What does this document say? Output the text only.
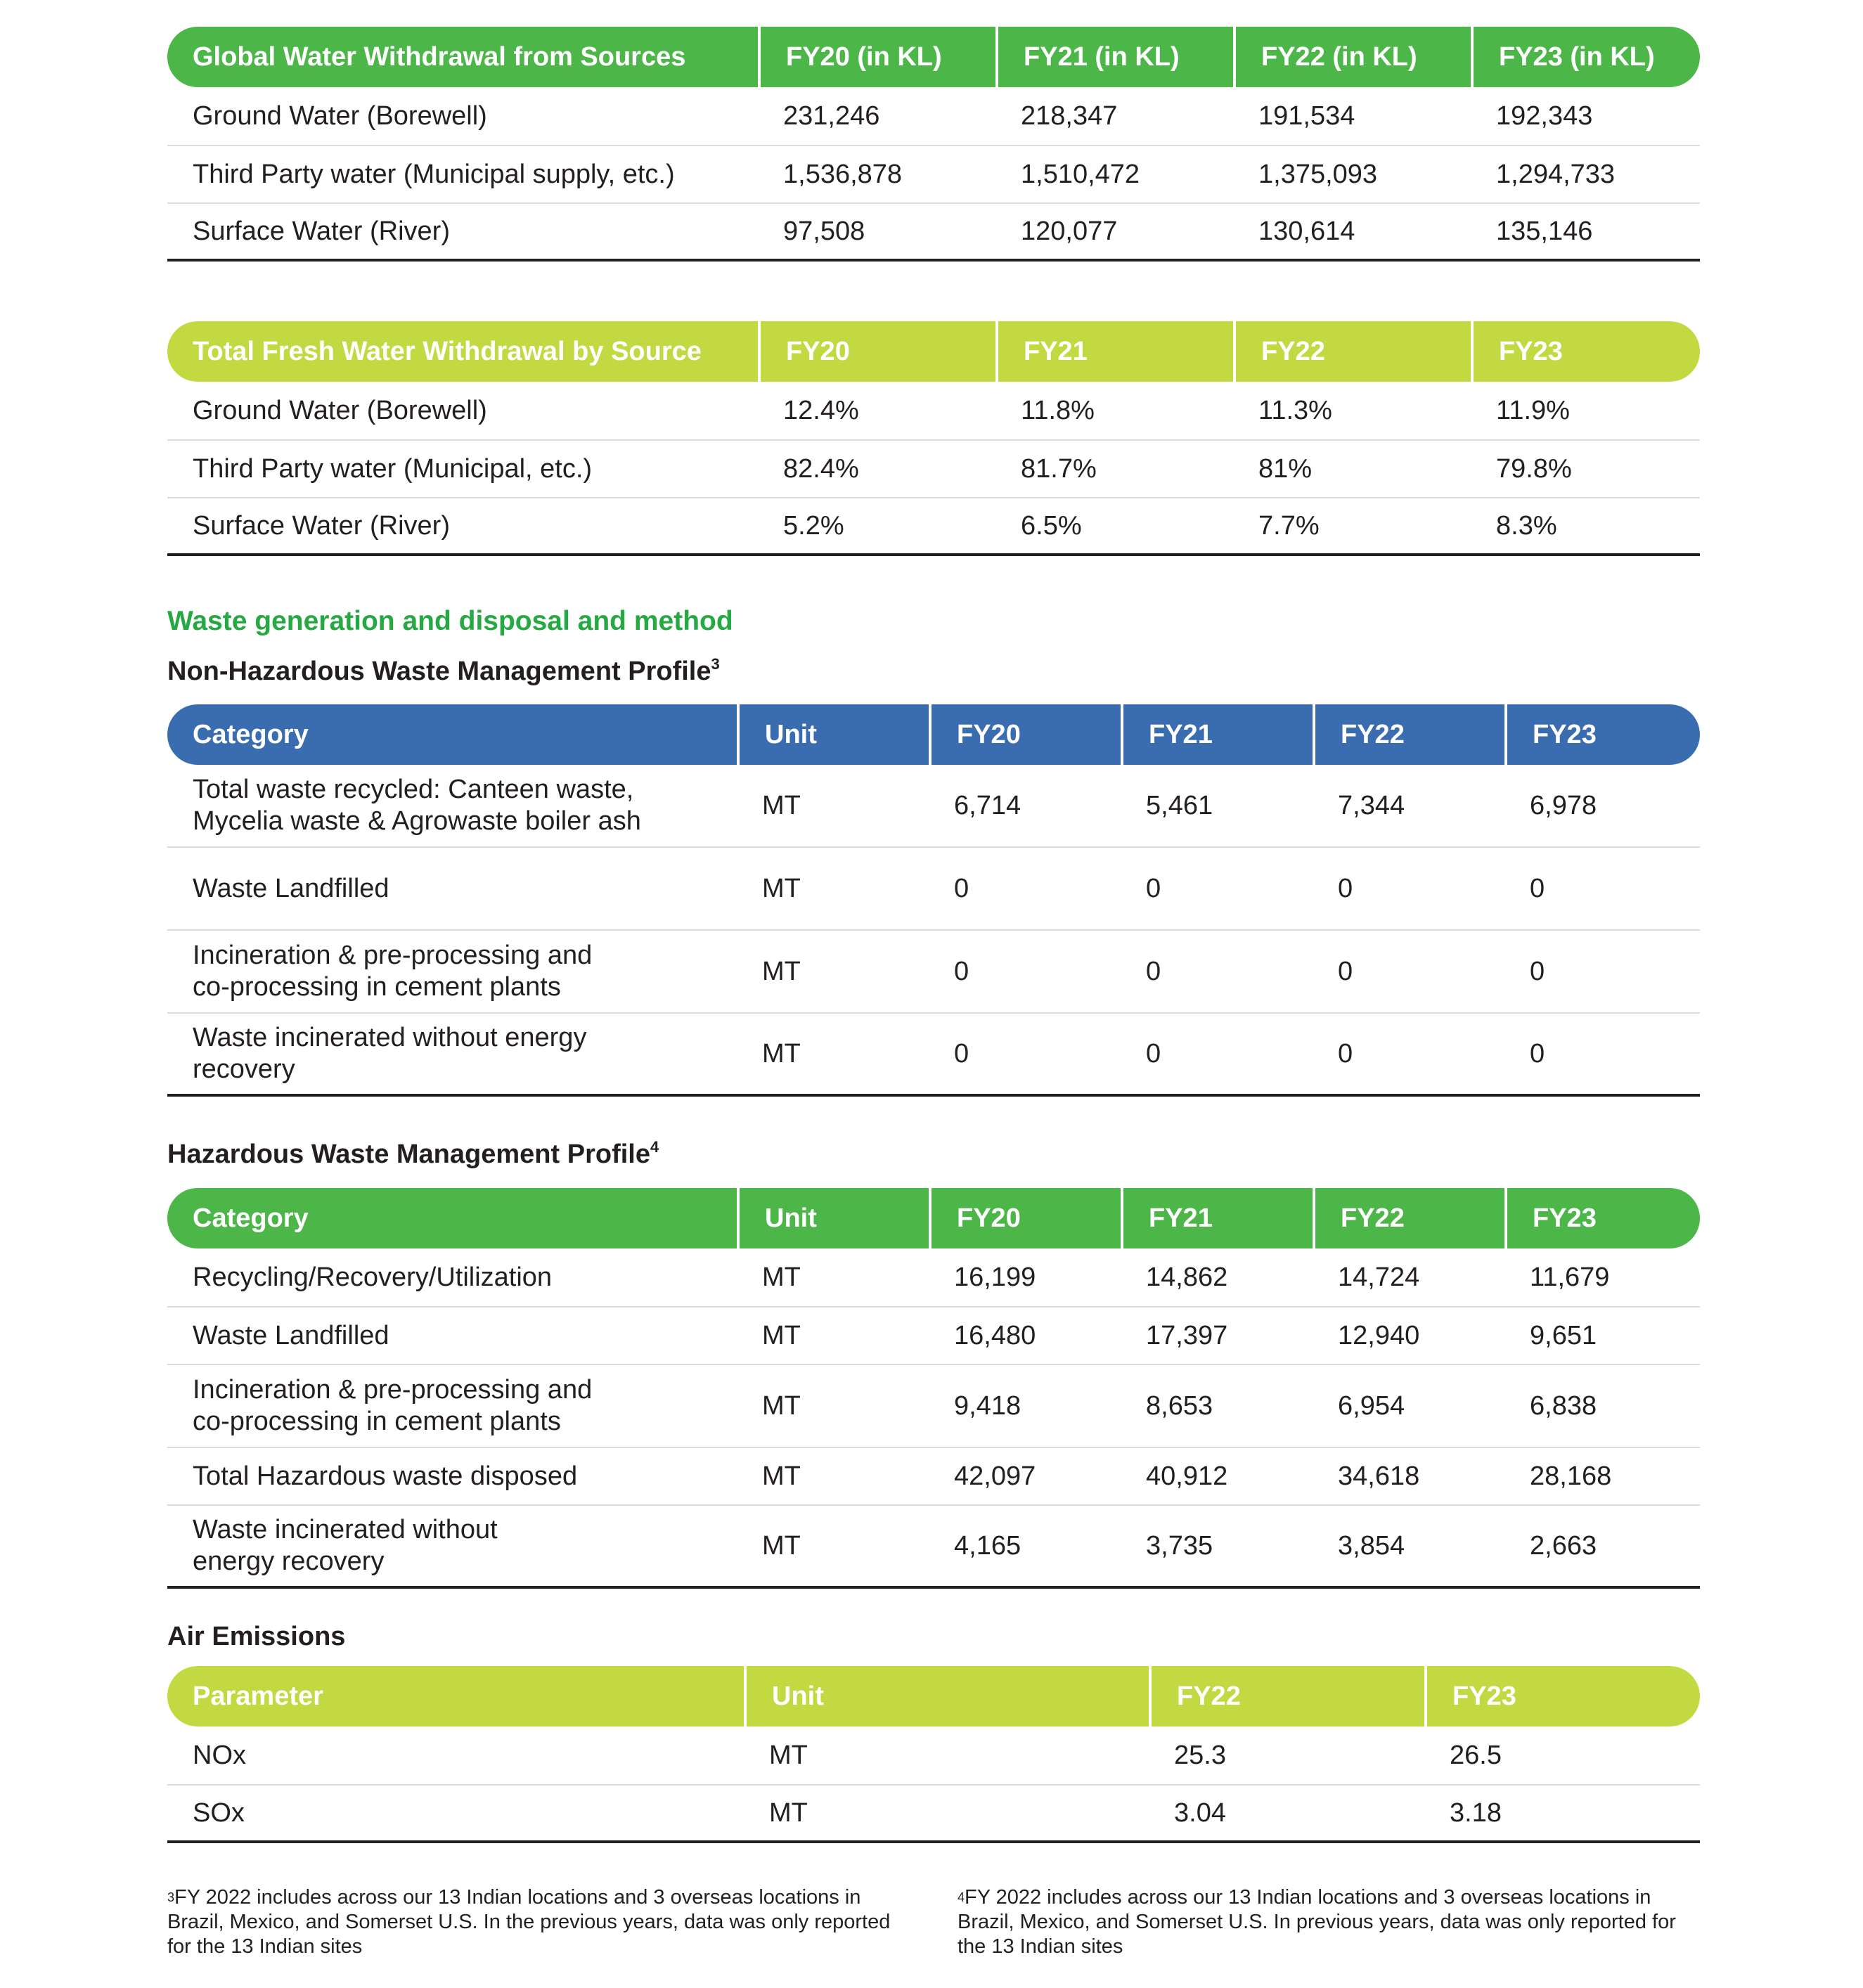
Global Water Withdrawal from Sources	FY20 (in KL)	FY21 (in KL)	FY22 (in KL)	FY23 (in KL)
Ground Water (Borewell)	231,246	218,347	191,534	192,343
Third Party water (Municipal supply, etc.)	1,536,878	1,510,472	1,375,093	1,294,733
Surface Water (River)	97,508	120,077	130,614	135,146
Total Fresh Water Withdrawal by Source	FY20	FY21	FY22	FY23
Ground Water (Borewell)	12.4%	11.8%	11.3%	11.9%
Third Party water (Municipal, etc.)	82.4%	81.7%	81%	79.8%
Surface Water (River)	5.2%	6.5%	7.7%	8.3%
Waste generation and disposal and method
Non-Hazardous Waste Management Profile$^3$
Category	Unit	FY20	FY21	FY22	FY23
Total waste recycled: Canteen waste,
Mycelia waste & Agrowaste boiler ash
MT	6,714	5,461	7,344	6,978
Waste Landfilled	MT	0	0	0	0
Incineration & pre-processing and
co-processing in cement plants
MT	0	0	0	0
Waste incinerated without energy
recovery
MT	0	0	0	0
Hazardous Waste Management Profile$^4$
Category	Unit	FY20	FY21	FY22	FY23
Recycling/Recovery/Utilization	MT	16,199	14,862	14,724	11,679
Waste Landfilled	MT	16,480	17,397	12,940	9,651
Incineration & pre-processing and
co-processing in cement plants
MT	9,418	8,653	6,954	6,838
Total Hazardous waste disposed	MT	42,097	40,912	34,618	28,168
Waste incinerated without
energy recovery
MT	4,165	3,735	3,854	2,663
Air Emissions
Parameter	Unit	FY22	FY23
NOx	MT	25.3	26.5
SOx	MT	3.04	3.18
$^3$FY 2022 includes across our 13 Indian locations and 3 overseas locations in Brazil, Mexico, and Somerset U.S. In the previous years, data was only reported for the 13 Indian sites
$^4$FY 2022 includes across our 13 Indian locations and 3 overseas locations in Brazil, Mexico, and Somerset U.S. In previous years, data was only reported for the 13 Indian sites
